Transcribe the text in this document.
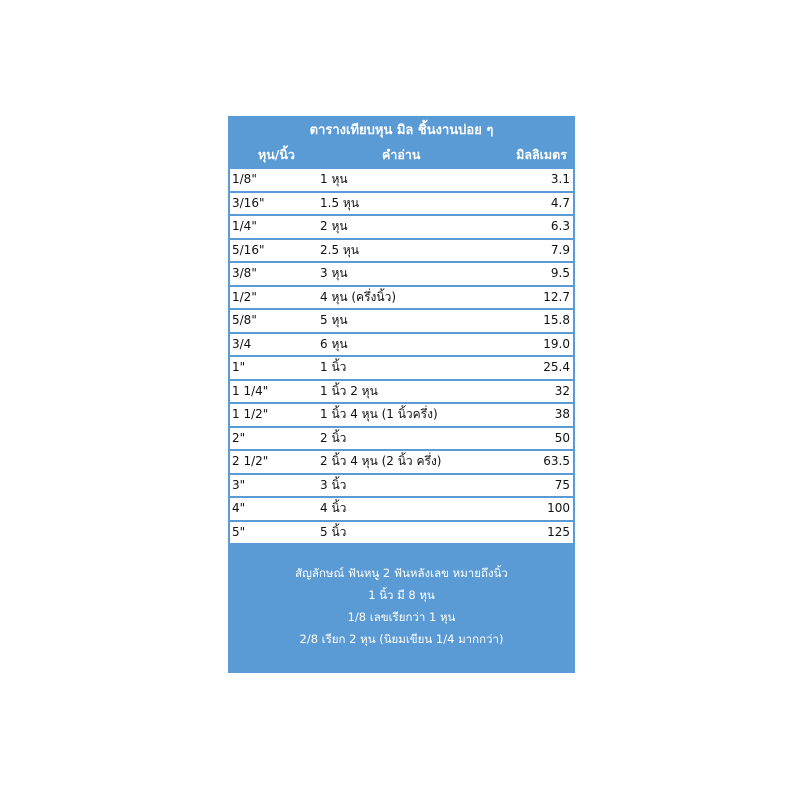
ตารางเทียบหุน มิล ชิ้นงานบ่อย ๆ
หุน/นิ้ว	คำอ่าน	มิลลิเมตร
1/8"	1 หุน	3.1
3/16"	1.5 หุน	4.7
1/4"	2 หุน	6.3
5/16"	2.5 หุน	7.9
3/8"	3 หุน	9.5
1/2"	4 หุน (ครึ่งนิ้ว)	12.7
5/8"	5 หุน	15.8
3/4	6 หุน	19.0
1"	1 นิ้ว	25.4
1 1/4"	1 นิ้ว 2 หุน	32
1 1/2"	1 นิ้ว 4 หุน (1 นิ้วครึ่ง)	38
2"	2 นิ้ว	50
2 1/2"	2 นิ้ว 4 หุน (2 นิ้ว ครึ่ง)	63.5
3"	3 นิ้ว	75
4"	4 นิ้ว	100
5"	5 นิ้ว	125
สัญลักษณ์ ฟันหนู 2 ฟันหลังเลข หมายถึงนิ้ว
1 นิ้ว มี 8 หุน
1/8 เลขเรียกว่า 1 หุน
2/8 เรียก 2 หุน (นิยมเขียน 1/4 มากกว่า)
